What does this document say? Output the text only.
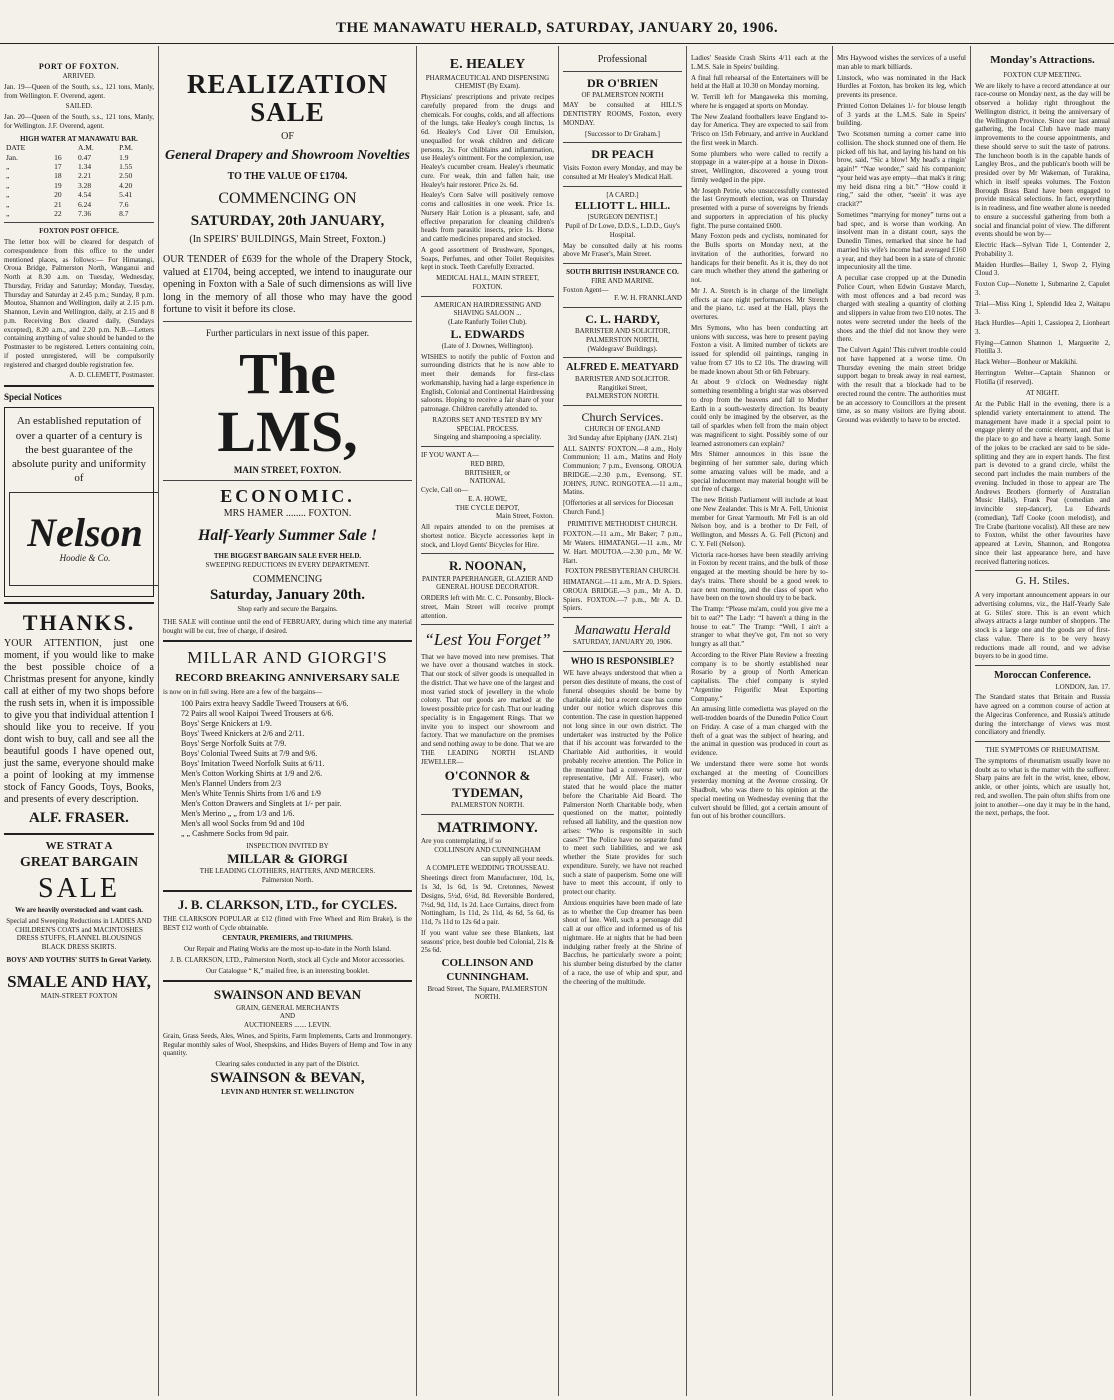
THE MANAWATU HERALD, SATURDAY, JANUARY 20, 1906.
PORT OF FOXTON.
ARRIVED.

Jan. 19—Queen of the South, s.s., 121 tons, Manly, from Wellington. F. Overend, agent.

SAILED.

Jan. 20—Queen of the South, s.s., 121 tons, Manly, for Wellington. J.F. Overend, agent.

HIGH WATER AT MANAWATU BAR.
DATE		A.M.	P.M.
Jan.	16	0.47	1.9
„	17	1.34	1.55
„	18	2.21	2.50
„	19	3.28	4.20
„	20	4.54	5.41
„	21	6.24	7.6
„	22	7.36	8.7
FOXTON POST OFFICE.

The letter box will be cleared for despatch of correspondence from this office to the under mentioned places, as follows:— For Himatangi, Oroua Bridge, Palmerston North, Wanganui and North at 8.30 a.m. on Tuesday, Wednesday, Thursday, Friday and Saturday; Monday, Tuesday, Thursday and Saturday at 2.45 p.m.; Sunday, 8 p.m. Moutoa, Shannon and Wellington, daily at 2.15 p.m. Shannon, Levin and Wellington, daily, at 2.15 and 8 p.m. Receiving Box cleared daily, (Sundays excepted), 8.20 a.m., and 2.20 p.m. N.B.—Letters containing anything of value should be handed to the Postmaster to be registered. Letters containing coin, if posted unregistered, will be compulsorily registered and charged double registration fee.

A. D. CLEMETT, Postmaster.
Special Notices

An established reputation of over a quarter of a century is the best guarantee of the absolute purity and uniformity of

Nelson
Hoodie & Co.
THANKS.

YOUR ATTENTION, just one moment, if you would like to make the best possible choice of a Christmas present for anyone, kindly call at either of my two shops before the rush sets in, when it is impossible to give you that individual attention I should like you to receive. If you dont wish to buy, call and see all the beautiful goods I have opened out, just the same, everyone should make a point of looking at my immense stock of Fancy Goods, Toys, Books, and presents of every description.

ALF. FRASER.
WE STRAT A
GREAT BARGAIN
SALE
We are heavily overstocked and want cash.

Special and Sweeping Reductions in LADIES AND CHILDREN'S COATS and MACINTOSHES DRESS STUFFS, FLANNEL BLOUSINGS BLACK DRESS SKIRTS.

BOYS' AND YOUTHS' SUITS In Great Variety.
SMALE AND HAY,
MAIN-STREET FOXTON
REALIZATION SALE
OF
General Drapery and Showroom Novelties
TO THE VALUE OF £1704.
COMMENCING ON
SATURDAY, 20th JANUARY,
(In SPEIRS' BUILDINGS, Main Street, Foxton.)

OUR TENDER of £639 for the whole of the Drapery Stock, valued at £1704, being accepted, we intend to inaugurate our opening in Foxton with a Sale of such dimensions as will live long in the memory of all those who may have the good fortune to visit it before its close.

Further particulars in next issue of this paper.
The LMS,
MAIN STREET, FOXTON.
ECONOMIC.
MRS HAMER ........ FOXTON.
Half-Yearly Summer Sale !
THE BIGGEST BARGAIN SALE EVER HELD.
SWEEPING REDUCTIONS IN EVERY DEPARTMENT.
COMMENCING
Saturday, January 20th.
Shop early and secure the Bargains.

THE SALE will continue until the end of FEBRUARY, during which time any material bought will be cut, free of charge, if desired.

MILLAR AND GIORGI'S
RECORD BREAKING ANNIVERSARY SALE
is now on in full swing. Here are a few of the bargains—
100 Pairs extra heavy Saddle Tweed Trousers at 6/6.
72 Pairs all wool Kaipoi Tweed Trousers at 6/6.
Boys' Serge Knickers at 1/9.
Boys' Tweed Knickers at 2/6 and 2/11.
Boys' Serge Norfolk Suits at 7/9.
Boys' Colonial Tweed Suits at 7/9 and 9/6.
Boys' Imitation Tweed Norfolk Suits at 6/11.
Men's Cotton Working Shirts at 1/9 and 2/6.
Men's Flannel Unders from 2/3
Men's White Tennis Shirts from 1/6 and 1/9
Men's Cotton Drawers and Singlets at 1/- per pair.
Men's Merino „ „ from 1/3 and 1/6.
Men's all wool Socks from 9d and 10d
„ „ Cashmere Socks from 9d pair.
INSPECTION INVITED BY
MILLAR & GIORGI
THE LEADING CLOTHIERS, HATTERS, AND MERCERS.
Palmerston North.
J. B. CLARKSON, LTD., for CYCLES.

THE CLARKSON POPULAR at £12 (fitted with Free Wheel and Rim Brake), is the BEST £12 worth of Cycle obtainable.

CENTAUR, PREMIERS, and TRIUMPHS.

Our Repair and Plating Works are the most up-to-date in the North Island.

J. B. CLARKSON, LTD., Palmerston North, stock all Cycle and Motor accessories.

Our Catalogue “ K,” mailed free, is an interesting booklet.

SWAINSON AND BEVAN
GRAIN, GENERAL MERCHANTS
AND
AUCTIONEERS ....... LEVIN.

Grain, Grass Seeds, Ales, Wines, and Spirits, Farm Implements, Carts and Ironmongery. Regular monthly sales of Wool, Sheepskins, and Hides Buyers of Hemp and Tow in any quantity.

Clearing sales conducted in any part of the District.
SWAINSON & BEVAN,
LEVIN AND HUNTER ST. WELLINGTON
E. HEALEY
PHARMACEUTICAL AND DISPENSING CHEMIST (By Exam).

Physicians' prescriptions and private recipes carefully prepared from the drugs and chemicals. For coughs, colds, and all affections of the lungs, take Healey's cough linctus, 1s 6d. Healey's Cod Liver Oil Emulsion, unequalled for weak children and delicate persons, 2s. For chilblains and inflammation, use Healey's ointment. For the complexion, use Healey's cucumber cream. Healey's rheumatic cure. For weak, thin and fallen hair, use Healey's hair restorer. Price 2s. 6d.

Healey's Corn Salve will positively remove corns and callosities in one week. Price 1s. Nursery Hair Lotion is a pleasant, safe, and effective preparation for cleaning children's heads from parasitic insects, price 1s. Horse and cattle medicines prepared and stocked.

A good assortment of Brushware, Sponges, Soaps, Perfumes, and other Toilet Requisites kept in stock. Teeth Carefully Extracted.

MEDICAL HALL, MAIN STREET, FOXTON.
AMERICAN HAIRDRESSING AND SHAVING SALOON ...
(Late Ranfurly Toilet Club).
L. EDWARDS
(Late of J. Downes, Wellington).

WISHES to notify the public of Foxton and surrounding districts that he is now able to meet their demands for first-class workmanship, having had a large experience in English, Colonial and Continental Hairdressing saloons. Hoping to receive a fair share of your patronage. Children carefully attended to.

RAZORS SET AND TESTED BY MY SPECIAL PROCESS.
Singeing and shampooing a speciality.
IF YOU WANT A—
RED BIRD,
BRITISHER, or
NATIONAL
Cycle, Call on—
E. A. HOWE,
THE CYCLE DEPOT,
Main Street, Foxton.

All repairs attended to on the premises at shortest notice. Bicycle accessories kept in stock, and Lloyd Gents' Bicycles for Hire.

R. NOONAN,
PAINTER PAPERHANGER, GLAZIER AND GENERAL HOUSE DECORATOR.

ORDERS left with Mr. C. C. Ponsonby, Block-street, Main Street will receive prompt attention.

“Lest You Forget”

That we have moved into new premises. That we have over a thousand watches in stock. That our stock of silver goods is unequalled in the district. That we have one of the largest and most varied stock of jewellery in the whole colony. That our goods are marked at the lowest possible price for cash. That our leading speciality is in Engagement Rings. That we invite you to inspect our showroom and factory. That we manufacture on the premises and send nothing away to be done. That we are THE LEADING NORTH ISLAND JEWELLER—

O'CONNOR & TYDEMAN,
PALMERSTON NORTH.
MATRIMONY.
Are you contemplating, if so
COLLINSON AND CUNNINGHAM
can supply all your needs.
A COMPLETE WEDDING TROUSSEAU.

Sheetings direct from Manufacturer, 10d, 1s, 1s 3d, 1s 6d, 1s 9d. Cretonnes, Newest Designs, 5½d, 6½d, 8d. Reversible Bordered, 7½d, 9d, 11d, 1s 2d. Lace Curtains, direct from Nottingham, 1s 11d, 2s 11d, 4s 6d, 5s 6d, 6s 11d, 7s 11d to 12s 6d a pair.

If you want value see these Blankets, last seasons' price, best double bed Colonial, 21s & 25s 6d.

COLLINSON AND CUNNINGHAM.
Broad Street, The Square, PALMERSTON NORTH.
Professional
DR O'BRIEN
OF PALMERSTON NORTH

MAY be consulted at HILL'S DENTISTRY ROOMS, Foxton, every MONDAY.

[Successor to Dr Graham.]
DR PEACH

Visits Foxton every Monday, and may be consulted at Mr Healey's Medical Hall.

[A CARD.]
ELLIOTT L. HILL.
[SURGEON DENTIST.]
Pupil of Dr Lowe, D.D.S., L.D.D., Guy's Hospital.

May be consulted daily at his rooms above Mr Fraser's, Main Street.

SOUTH BRITISH INSURANCE CO.
FIRE AND MARINE.
Foxton Agent—
F. W. H. FRANKLAND
C. L. HARDY,
BARRISTER AND SOLICITOR,
PALMERSTON NORTH,
(Waldegrave' Buildings).
ALFRED E. MEATYARD
BARRISTER AND SOLICITOR.
Rangitikei Street,
PALMERSTON NORTH.
Church Services.
CHURCH OF ENGLAND
3rd Sunday after Epiphany (JAN. 21st)

ALL SAINTS' FOXTON.—8 a.m., Holy Communion; 11 a.m., Matins and Holy Communion; 7 p.m., Evensong. OROUA BRIDGE.—2.30 p.m., Evensong. ST. JOHN'S, JUNC. RONGOTEA.—11 a.m., Matins.

[Offertories at all services for Diocesan Church Fund.]
PRIMITIVE METHODIST CHURCH.

FOXTON.—11 a.m., Mr Baker; 7 p.m., Mr Waters. HIMATANGI.—11 a.m., Mr W. Hart. MOUTOA.—2.30 p.m., Mr W. Hart.

FOXTON PRESBYTERIAN CHURCH.

HIMATANGI.—11 a.m., Mr A. D. Spiers. OROUA BRIDGE.—3 p.m., Mr A. D. Spiers. FOXTON.—7 p.m., Mr A. D. Spiers.

Manawatu Herald
SATURDAY, JANUARY 20, 1906.
WHO IS RESPONSIBLE?

WE have always understood that when a person dies destitute of means, the cost of funeral obsequies should be borne by charitable aid; but a recent case has come under our notice which disproves this contention. The case in question happened not long since in our own district. The undertaker was instructed by the Police that if his account was forwarded to the Charitable Aid authorities, it would probably receive attention. The Police in the meantime had a converse with our representative, (Mr Alf. Fraser), who stated that he would place the matter before the Charitable Aid Board. The Palmerston North Charitable body, when questioned on the matter, pointedly refused all liability, and the question now arises: “Who is responsible in such cases?” The Police have no separate fund to meet such liabilities, and we ask whether the State provides for such expenditure. Surely, we have not reached such a state of pauperism. Some one will have to meet this account, if only to protect our charity.

Anxious enquiries have been made of late as to whether the Cup dreamer has been shout of late. Well, such a personage did call at our office and informed us of his nightmare. He at nights that he had been indulging rather freely at the Shrine of Bacchus, he particularly swore a point; his slumber being disturbed by the clatter of a race, the use of whip and spur, and the cheering of the multitude.

Ladies' Seaside Crash Skirts 4/11 each at the L.M.S. Sale in Speirs' building.

A final full rehearsal of the Entertainers will be held at the Hall at 10.30 on Monday morning.

W. Terrill left for Mangaweka this morning, where he is engaged at sports on Monday.

The New Zealand footballers leave England to-day for America. They are expected to sail from 'Frisco on 15th February, and arrive in Auckland the first week in March.

Some plumbers who were called to rectify a stoppage in a water-pipe at a house in Dixon-street, Wellington, discovered a young trout firmly wedged in the pipe.

Mr Joseph Petrie, who unsuccessfully contested the last Greymouth election, was on Thursday presented with a purse of sovereigns by friends and supporters in appreciation of his plucky fight. The purse contained £600.

Many Foxton peds and cyclists, nominated for the Bulls sports on Monday next, at the invitation of the authorities, forward no handicaps for their benefit. As it is, they do not care much whether they attend the gathering or not.

Mr J. A. Stretch is in charge of the limelight effects at race night performances. Mr Stretch and the piano, t.c. used at the Hall, plays the overtures.

Mrs Symons, who has been conducting art unions with success, was here to present paying Foxton a visit. A limited number of tickets are issued for splendid oil paintings, ranging in value from £7 10s to £2 10s. The drawing will be made known about 5th or 6th February.

At about 9 o'clock on Wednesday night something resembling a bright star was observed to drop from the heavens and fall to Mother Earth in a south-westerly direction. Its beauty could only be imagined by the observer, as the tail of sparkles when fell from the main object was magnificent to sight. Possibly some of our learned astronomers can explain?

Mrs Shimer announces in this issue the beginning of her summer sale, during which some amazing values will be made, and a special inducement may material bought will be cut free of charge.

The new British Parliament will include at least one New Zealander. This is Mr A. Fell, Unionist member for Great Yarmouth. Mr Fell is an old Nelson boy, and is a brother to Dr Fell, of Wellington, and Messrs A. G. Fell (Picton) and C. Y. Fell (Nelson).

Victoria race-horses have been steadily arriving in Foxton by recent trains, and the bulk of those engaged at the meeting should be here by to-day's trains. There should be a good week to race next morning, and the class of sport who have been on the town should try to be back.

The Tramp: “Please ma'am, could you give me a bit to eat?” The Lady: “I haven't a thing in the house to eat.” The Tramp: “Well, I ain't a stranger to what they've got, I'm not so very hungry as all that.”

According to the River Plate Review a freezing company is to be shortly established near Rosario by a group of North American capitalists. The chief company is styled “Argentine Frigorific Meat Exporting Company.”

An amusing little comedietta was played on the well-trodden boards of the Dunedin Police Court on Friday. A case of a man charged with the theft of a goat was the subject of hearing, and the animal in question was produced in court as evidence.

We understand there were some hot words exchanged at the meeting of Councillors yesterday morning at the Avenue crossing. Or Shadbolt, who was there to his opinion at the special meeting on Wednesday evening that the culvert should be filled, got a certain amount of fun out of his brother councillors.

Mrs Haywood wishes the services of a useful man able to mark billiards.

Linstock, who was nominated in the Hack Hurdles at Foxton, has broken its leg, which prevents its presence.

Printed Cotton Delaines 1/- for blouse length of 3 yards at the L.M.S. Sale in Speirs' building.

Two Scotsmen turning a corner came into collision. The shock stunned one of them. He picked off his hat, and laying his hand on his brow, said, “Sic a blow! My head's a ringin' again!” “Nae wonder,” said his companion; “your heid was aye empty—that mak's it ring; my heid disna ring a bit.” “How could it ring,” said the other, “seein' it was aye crackit?”

Sometimes “marrying for money” turns out a bad spec, and is worse than working. An insolvent man in a distant court, says the Dunedin Times, remarked that since he had married his wife's income had averaged £160 a year, and they had been in a state of chronic impecuniosity all the time.

A peculiar case cropped up at the Dunedin Police Court, when Edwin Gustave March, with most offences and a bad record was charged with stealing a quantity of clothing and slippers in value from two £10 notes. The notes were secreted under the heels of the shoes and the thief did not know they were there.

The Culvert Again! This culvert trouble could not have happened at a worse time. On Thursday evening the main street bridge support began to break away in real earnest, with the result that a blockade had to be erected round the centre. The authorities must be an accessory to Councillors at the present time, as so many visitors are flying about. Ground was evidently to have to be erected.

Monday's Attractions.
FOXTON CUP MEETING.

We are likely to have a record attendance at our race-course on Monday next, as the day will be observed a holiday right throughout the Wellington district, it being the anniversary of the Wellington Province. Since our last annual gathering, the local Club have made many improvements to the course appointments, and these should serve to suit the taste of patrons. The luncheon booth is in the capable hands of Langley Bros., and the publican's booth will be presided over by Mr Wakeman, of Turakina, which in itself speaks volumes. The Foxton Borough Brass Band have been engaged to provide musical selections. In fact, everything is in readiness, and fine weather alone is needed to ensure a successful gathering from both a social and financial point of view. The different events should be won by—

Electric Hack—Sylvan Tide 1, Contender 2, Probability 3.

Maiden Hurdles—Bailey 1, Swop 2, Flying Cloud 3.

Foxton Cup—Nonette 1, Submarine 2, Capulet 3.

Trial—Miss King 1, Splendid Idea 2, Waitapu 3.

Hack Hurdles—Apiti 1, Cassiopea 2, Lionheart 3.

Flying—Cannon Shannon 1, Marguerite 2, Flotilla 3.

Hack Welter—Bonheur or Makikihi.

Herrington Welter—Captain Shannon or Flotilla (if reserved).

AT NIGHT.

At the Public Hall in the evening, there is a splendid variety entertainment to attend. The management have made it a special point to engage plenty of the comic element, and that is the place to go and have a hearty laugh. Some of the jokes to be cracked are said to be side-splitting and they are in expert hands. The first part is devoted to a grand circle, whilst the second part includes the main numbers of the evening. Included in those to appear are The Andrews Brothers (formerly of Australian Music Halls), Frank Peat (comedian and invincible step-dancer), Lu Edwards (comedian), Taff Cooke (coon melodist), and Tre Crabe (baritone vocalist). All these are new to Foxton, whilst the other favourites have appeared at Levin, Shannon, and Rongotea since their last appearance here, and have received flattering notices.

G. H. Stiles.

A very important announcement appears in our advertising columns, viz., the Half-Yearly Sale at G. Stiles' store. This is an event which always attracts a large number of shoppers. The stock is a large one and the goods are of first-class value. There is to be very heavy reductions made all round, and we advise buyers to be in good time.

Moroccan Conference.
LONDON, Jan. 17.

The Standard states that Britain and Russia have agreed on a common course of action at the Algeciras Conference, and Russia's attitude during the interchange of views was most conciliatory and friendly.

THE SYMPTOMS OF RHEUMATISM.

The symptoms of rheumatism usually leave no doubt as to what is the matter with the sufferer. Sharp pains are felt in the wrist, knee, elbow, ankle, or other joints, which are usually hot, red, and swollen. The pain often shifts from one joint to another—one day it may be in the hand, the next, perhaps, the foot.
